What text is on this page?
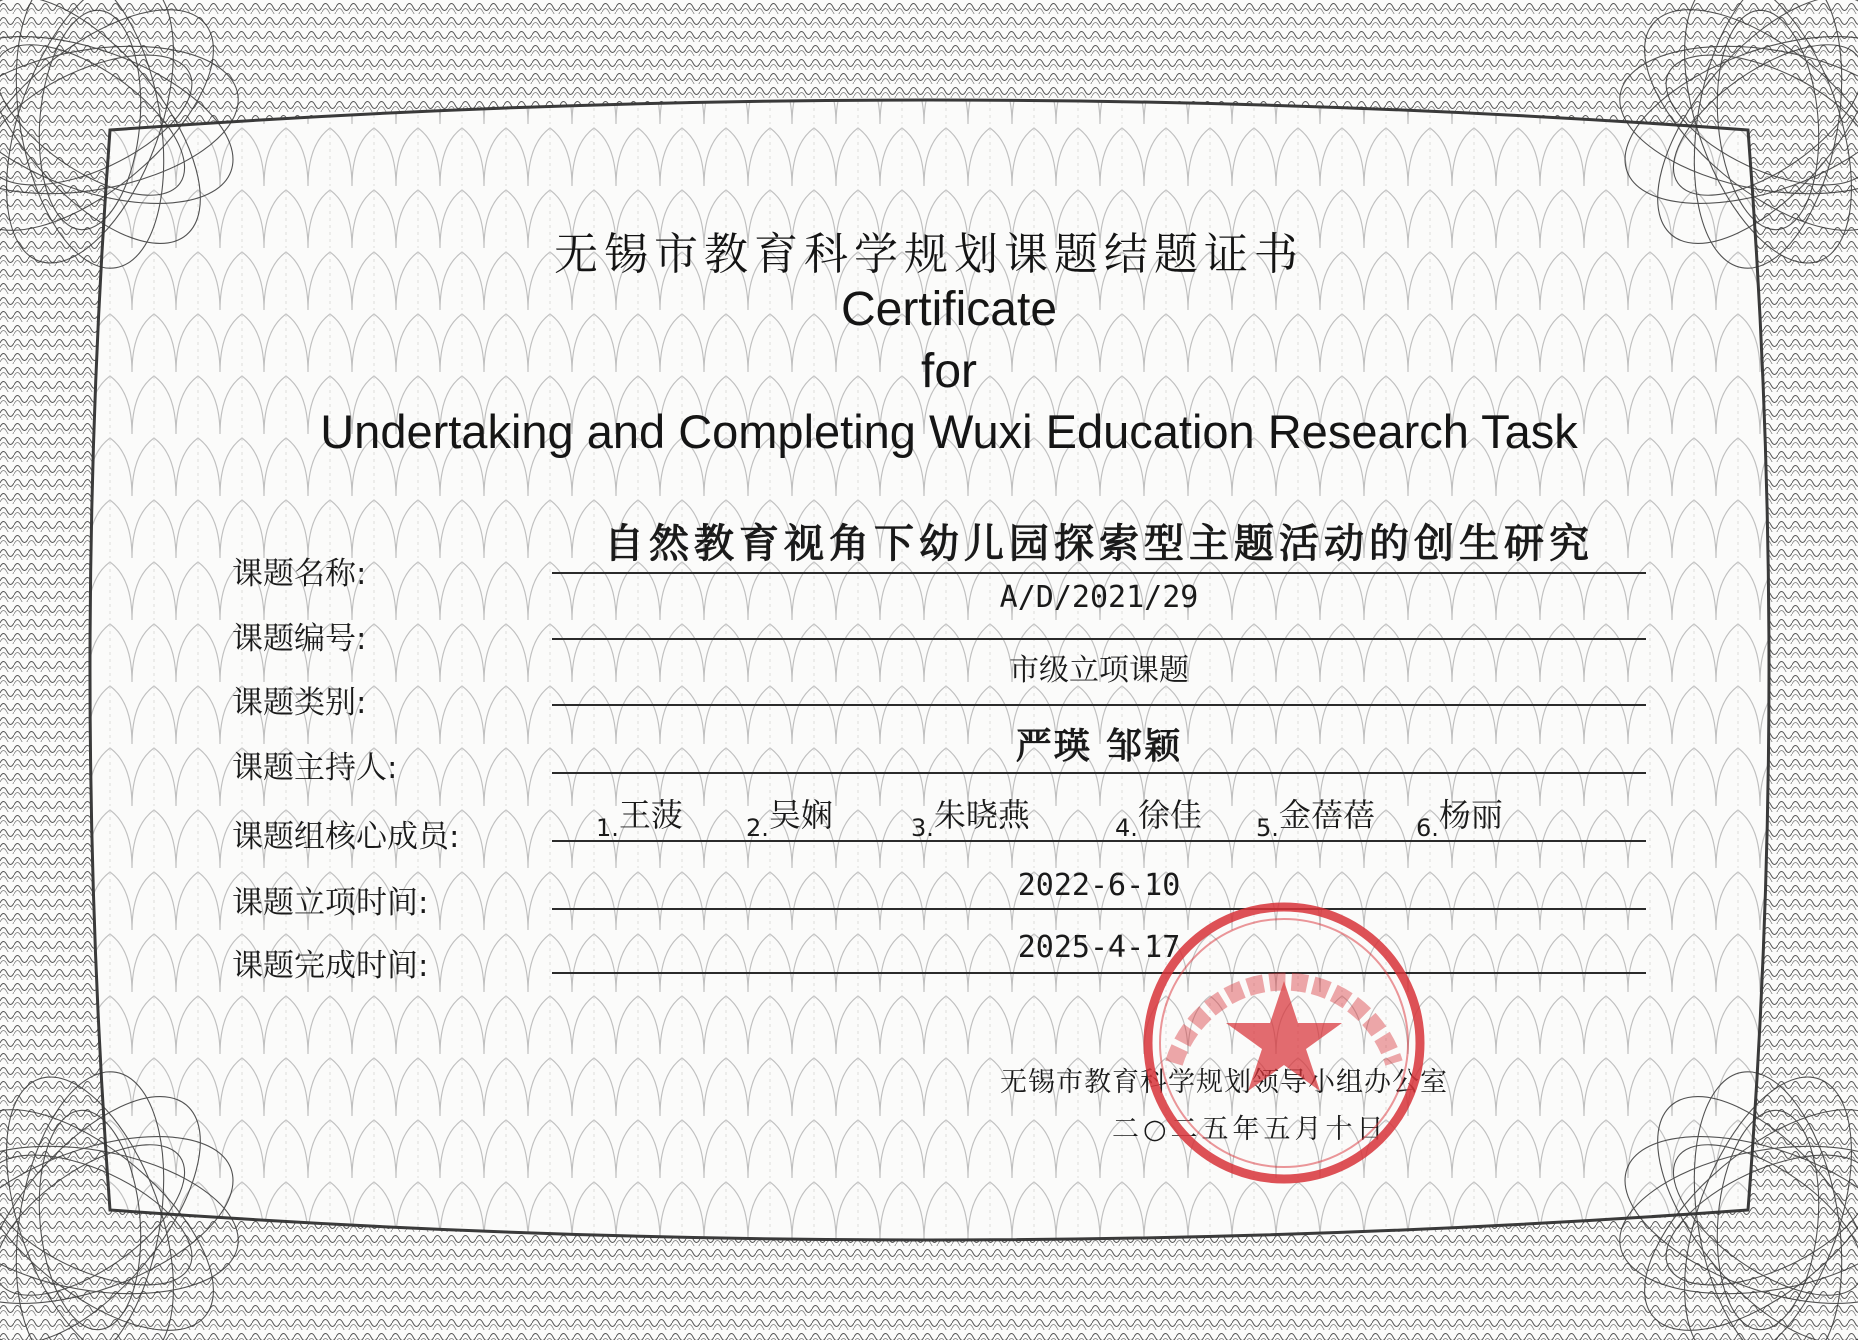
无锡市教育科学规划课题结题证书
Certificate
for
Undertaking and Completing Wuxi Education Research Task
课题名称:
自然教育视角下幼儿园探索型主题活动的创生研究
课题编号:
A/D/2021/29
课题类别:
市级立项课题
课题主持人:
严瑛 邹颖
课题组核心成员:	$_{1.}$王菠	$_{2.}$吴娴	$_{3.}$朱晓燕	$_{4.}$徐佳 $_{5.}$金蓓蓓 $_{6.}$杨丽
课题立项时间:	2022-6-10
课题完成时间:
2025-4-17
无锡市教育科学规划领导小组办公室
二○二五年五月十日
